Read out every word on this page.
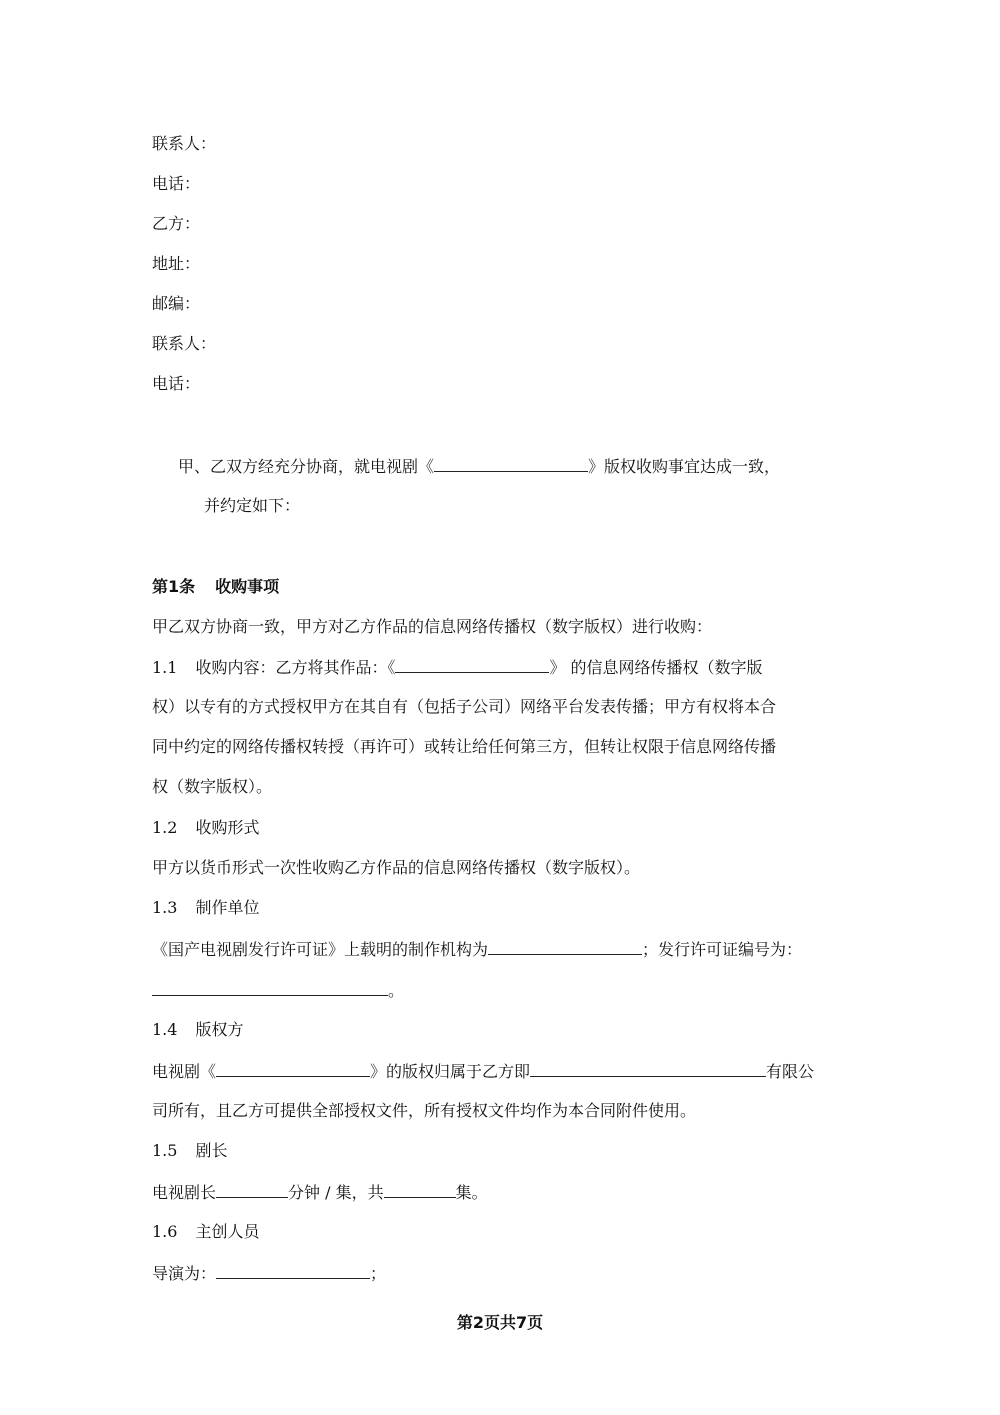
联系人：
电话：
乙方：
地址：
邮编：
联系人：
电话：
甲、乙双方经充分协商，就电视剧《	》版权收购事宜达成一致，
并约定如下：
第1条 收购事项
甲乙双方协商一致，甲方对乙方作品的信息网络传播权（数字版权）进行收购：
1.1 收购内容：乙方将其作品：《	》 的信息网络传播权（数字版
权）以专有的方式授权甲方在其自有（包括子公司）网络平台发表传播；甲方有权将本合
同中约定的网络传播权转授（再许可）或转让给任何第三方，但转让权限于信息网络传播
权（数字版权）。
1.2 收购形式
甲方以货币形式一次性收购乙方作品的信息网络传播权（数字版权）。
1.3 制作单位
《国产电视剧发行许可证》上载明的制作机构为	；发行许可证编号为：
。
1.4 版权方
电视剧《	》的版权归属于乙方即	有限公
司所有，且乙方可提供全部授权文件，所有授权文件均作为本合同附件使用。
1.5 剧长
电视剧长	分钟 / 集，共	集。
1.6 主创人员
导演为：	；
第2页共7页
